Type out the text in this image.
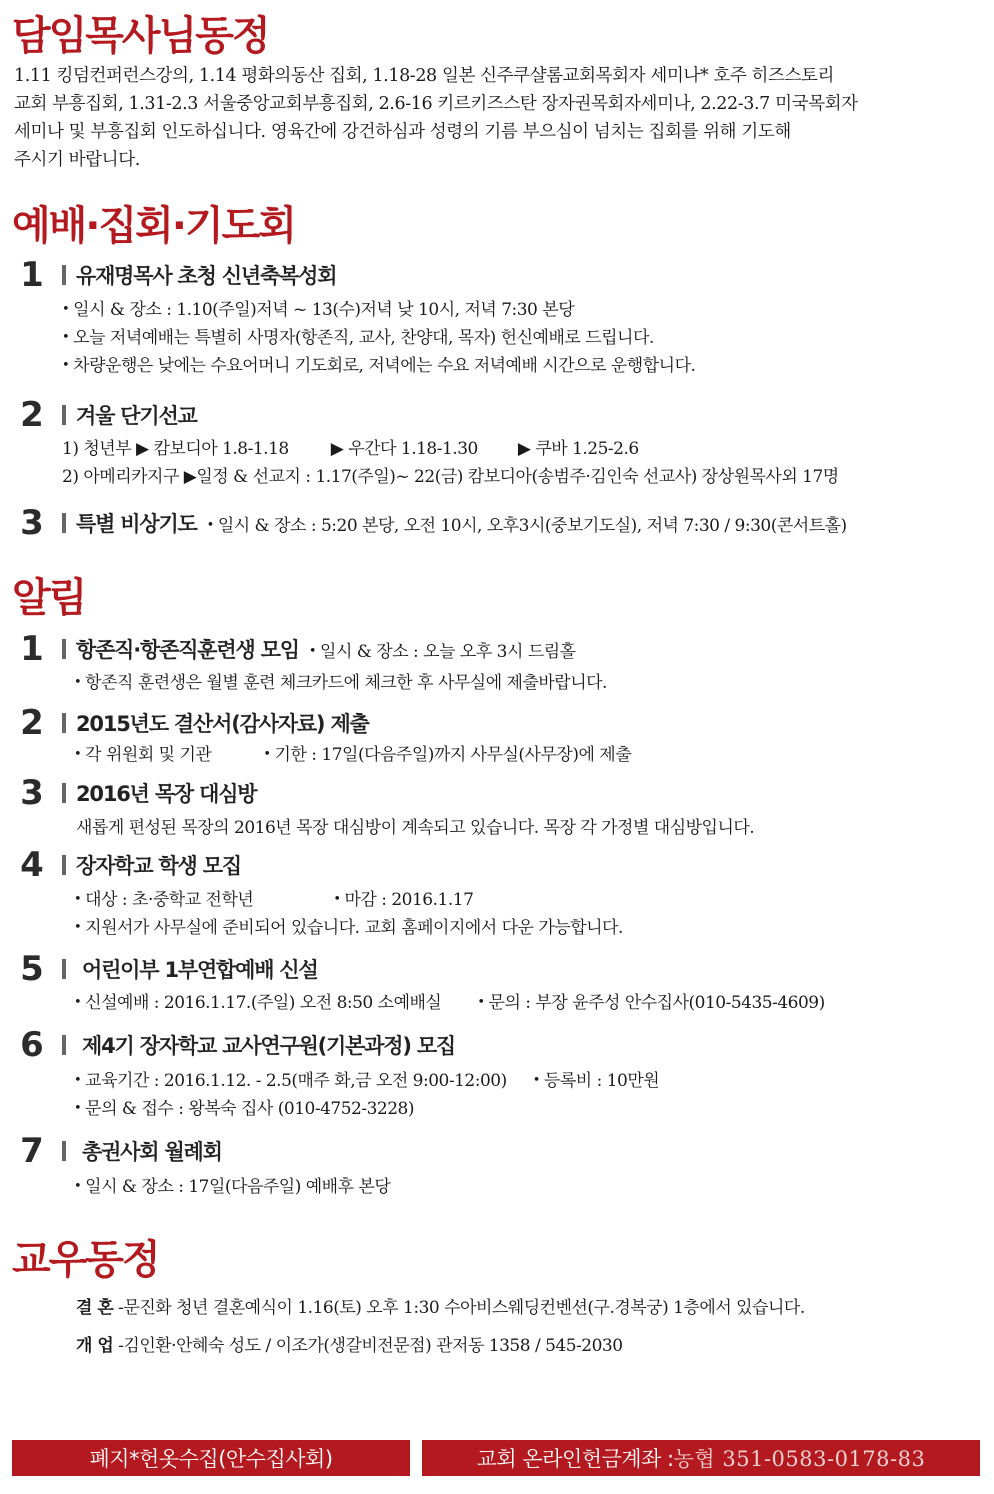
담임목사님동정

1.11 킹덤컨퍼런스강의, 1.14 평화의동산 집회, 1.18-28 일본 신주쿠샬롬교회목회자 세미나* 호주 히즈스토리
교회 부흥집회, 1.31-2.3 서울중앙교회부흥집회, 2.6-16 키르키즈스탄 장자권목회자세미나, 2.22-3.7 미국목회자
세미나 및 부흥집회 인도하십니다. 영육간에 강건하심과 성령의 기름 부으심이 넘치는 집회를 위해 기도해
주시기 바랍니다.

예배·집회·기도회
1 유재명목사 초청 신년축복성회

• 일시 & 장소 : 1.10(주일)저녁 ~ 13(수)저녁 낮 10시, 저녁 7:30 본당

• 오늘 저녁예배는 특별히 사명자(항존직, 교사, 찬양대, 목자) 헌신예배로 드립니다.

• 차량운행은 낮에는 수요어머니 기도회로, 저녁에는 수요 저녁예배 시간으로 운행합니다.

2 겨울 단기선교

1) 청년부 ▶ 캄보디아 1.8-1.18 ▶ 우간다 1.18-1.30 ▶ 쿠바 1.25-2.6

2) 아메리카지구 ▶일정 & 선교지 : 1.17(주일)~ 22(금) 캄보디아(송범주·김인숙 선교사) 장상원목사외 17명

3 특별 비상기도 • 일시 & 장소 : 5:20 본당, 오전 10시, 오후3시(중보기도실), 저녁 7:30 / 9:30(콘서트홀)
알림
1 항존직·항존직훈련생 모임 • 일시 & 장소 : 오늘 오후 3시 드림홀

• 항존직 훈련생은 월별 훈련 체크카드에 체크한 후 사무실에 제출바랍니다.

2 2015년도 결산서(감사자료) 제출

• 각 위원회 및 기관	• 기한 : 17일(다음주일)까지 사무실(사무장)에 제출

3 2016년 목장 대심방

새롭게 편성된 목장의 2016년 목장 대심방이 계속되고 있습니다. 목장 각 가정별 대심방입니다.

4 장자학교 학생 모집

• 대상 : 초·중학교 전학년	• 마감 : 2016.1.17

• 지원서가 사무실에 준비되어 있습니다. 교회 홈페이지에서 다운 가능합니다.

5 어린이부 1부연합예배 신설

• 신설예배 : 2016.1.17.(주일) 오전 8:50 소예배실	• 문의 : 부장 윤주성 안수집사(010-5435-4609)

6 제4기 장자학교 교사연구원(기본과정) 모집

• 교육기간 : 2016.1.12. - 2.5(매주 화,금 오전 9:00-12:00) • 등록비 : 10만원

• 문의 & 접수 : 왕복숙 집사 (010-4752-3228)

7 총권사회 월례회

• 일시 & 장소 : 17일(다음주일) 예배후 본당

교우동정

결 혼 -문진화 청년 결혼예식이 1.16(토) 오후 1:30 수아비스웨딩컨벤션(구.경복궁) 1층에서 있습니다.

개 업 -김인환·안혜숙 성도 / 이조가(생갈비전문점) 관저동 1358 / 545-2030

폐지*헌옷수집(안수집사회)	교회 온라인헌금계좌 : 농협 351-0583-0178-83
